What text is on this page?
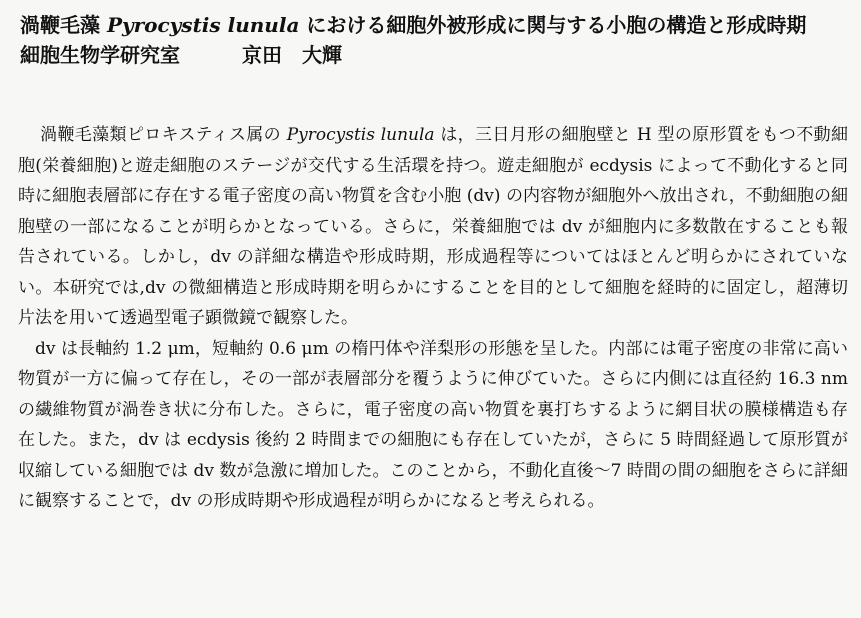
渦鞭毛藻 Pyrocystis lunula における細胞外被形成に関与する小胞の構造と形成時期
細胞生物学研究室	京田　大輝

渦鞭毛藻類ピロキスティス属の Pyrocystis lunula は，三日月形の細胞壁と H 型の原形質をもつ不動細胞(栄養細胞)と遊走細胞のステージが交代する生活環を持つ。遊走細胞が ecdysis によって不動化すると同時に細胞表層部に存在する電子密度の高い物質を含む小胞 (dv) の内容物が細胞外へ放出され，不動細胞の細胞壁の一部になることが明らかとなっている。さらに，栄養細胞では dv が細胞内に多数散在することも報告されている。しかし，dv の詳細な構造や形成時期，形成過程等についてはほとんど明らかにされていない。本研究では,dv の微細構造と形成時期を明らかにすることを目的として細胞を経時的に固定し，超薄切片法を用いて透過型電子顕微鏡で観察した。

dv は長軸約 1.2 μm，短軸約 0.6 μm の楕円体や洋梨形の形態を呈した。内部には電子密度の非常に高い物質が一方に偏って存在し，その一部が表層部分を覆うように伸びていた。さらに内側には直径約 16.3 nm の繊維物質が渦巻き状に分布した。さらに，電子密度の高い物質を裏打ちするように網目状の膜様構造も存在した。また，dv は ecdysis 後約 2 時間までの細胞にも存在していたが，さらに 5 時間経過して原形質が収縮している細胞では dv 数が急激に増加した。このことから，不動化直後〜7 時間の間の細胞をさらに詳細に観察することで，dv の形成時期や形成過程が明らかになると考えられる。
